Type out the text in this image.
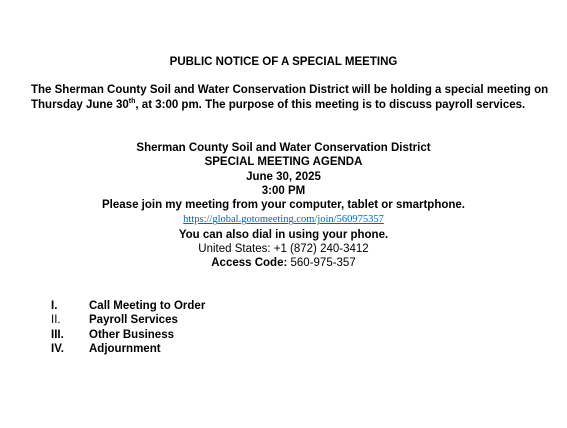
PUBLIC NOTICE OF A SPECIAL MEETING
The Sherman County Soil and Water Conservation District will be holding a special meeting on Thursday June 30th, at 3:00 pm. The purpose of this meeting is to discuss payroll services.
Sherman County Soil and Water Conservation District
SPECIAL MEETING AGENDA
June 30, 2025
3:00 PM
Please join my meeting from your computer, tablet or smartphone.
https://global.gotomeeting.com/join/560975357
You can also dial in using your phone.
United States: +1 (872) 240-3412
Access Code: 560-975-357
I.	Call Meeting to Order
II.	Payroll Services
III.	Other Business
IV.	Adjournment
